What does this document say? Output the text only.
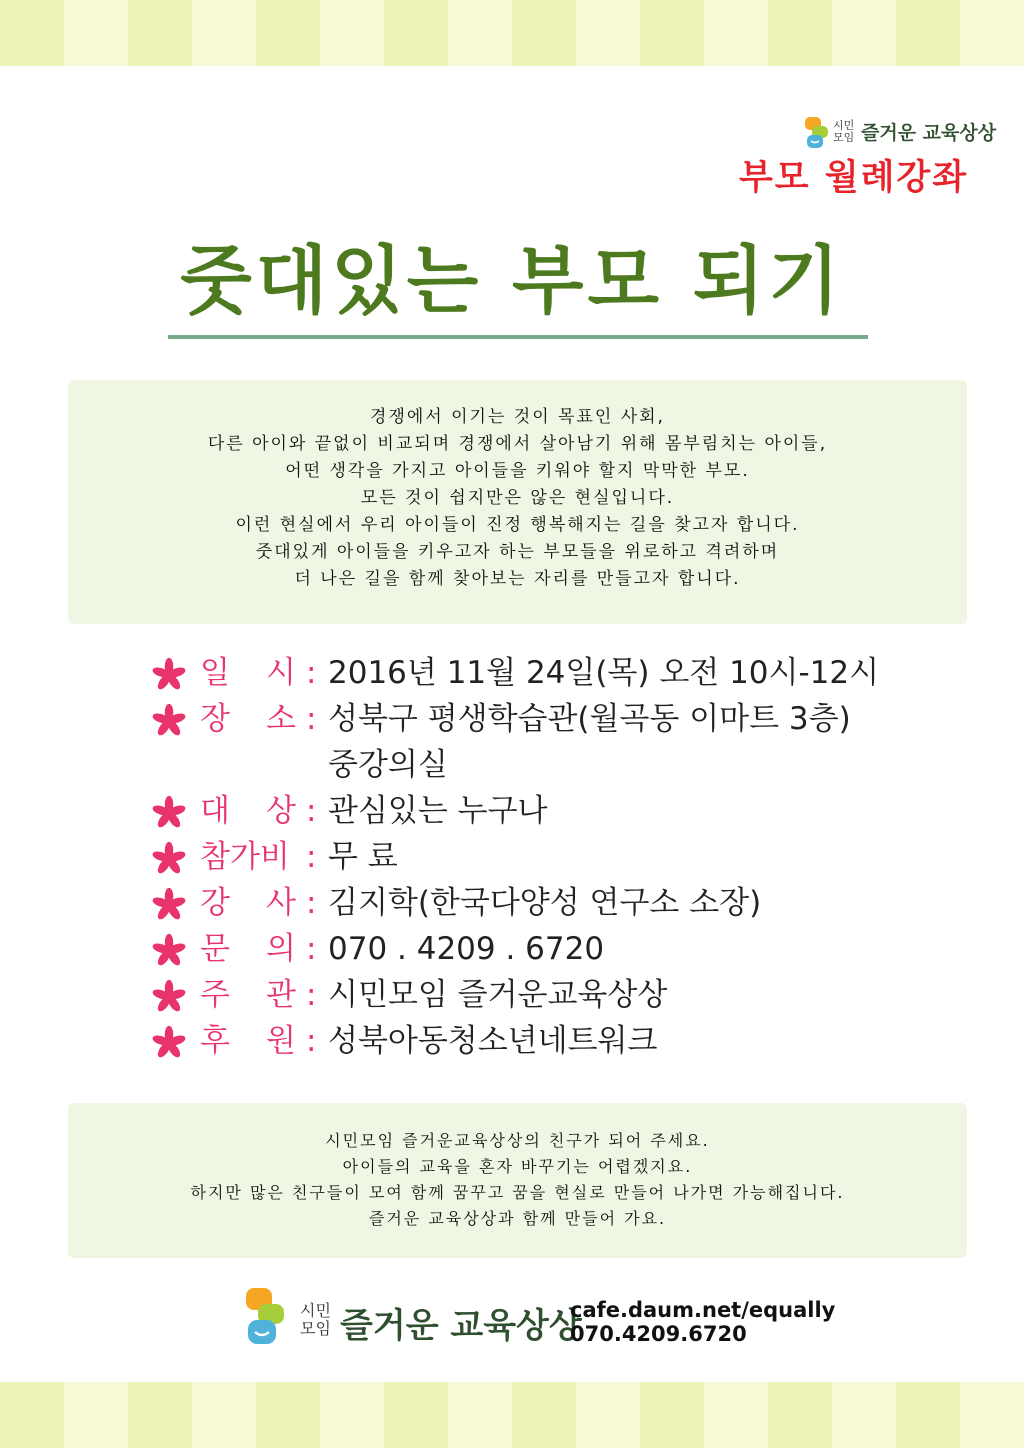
시민
모임 즐거운 교육상상
부모 월례강좌
줏대있는 부모 되기
경쟁에서 이기는 것이 목표인 사회,
다른 아이와 끝없이 비교되며 경쟁에서 살아남기 위해 몸부림치는 아이들,
어떤 생각을 가지고 아이들을 키워야 할지 막막한 부모.
모든 것이 쉽지만은 않은 현실입니다.
이런 현실에서 우리 아이들이 진정 행복해지는 길을 찾고자 합니다.
줏대있게 아이들을 키우고자 하는 부모들을 위로하고 격려하며
더 나은 길을 함께 찾아보는 자리를 만들고자 합니다.
일 시 : 2016년 11월 24일(목) 오전 10시-12시
장 소 : 성북구 평생학습관(월곡동 이마트 3층)
중강의실
대 상 : 관심있는 누구나
참가비 : 무 료
강 사 : 김지학(한국다양성 연구소 소장)
문 의 : 070 . 4209 . 6720
주 관 : 시민모임 즐거운교육상상
후 원 : 성북아동청소년네트워크
시민모임 즐거운교육상상의 친구가 되어 주세요.
아이들의 교육을 혼자 바꾸기는 어렵겠지요.
하지만 많은 친구들이 모여 함께 꿈꾸고 꿈을 현실로 만들어 나가면 가능해집니다.
즐거운 교육상상과 함께 만들어 가요.
시민
모임 즐거운 교육상상
cafe.daum.net/equally
070.4209.6720
